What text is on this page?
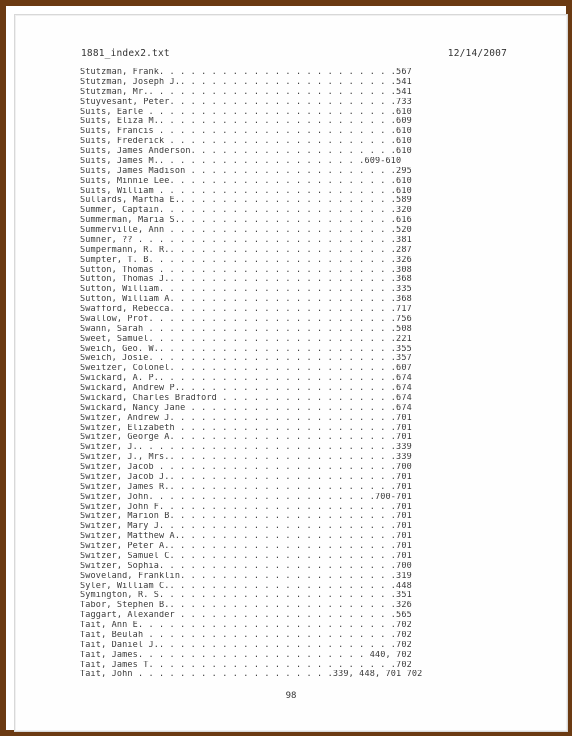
1881_index2.txt	12/14/2007
Stutzman, Frank. . . . . . . . . . . . . . . . . . . . . . .567
Stutzman, Joseph J.. . . . . . . . . . . . . . . . . . . . .541
Stutzman, Mr.. . . . . . . . . . . . . . . . . . . . . . . .541
Stuyvesant, Peter. . . . . . . . . . . . . . . . . . . . . .733
Suits, Earle . . . . . . . . . . . . . . . . . . . . . . . .610
Suits, Eliza M.. . . . . . . . . . . . . . . . . . . . . . .609
Suits, Francis . . . . . . . . . . . . . . . . . . . . . . .610
Suits, Frederick . . . . . . . . . . . . . . . . . . . . . .610
Suits, James Anderson. . . . . . . . . . . . . . . . . . . .610
Suits, James M.. . . . . . . . . . . . . . . . . . . .609-610
Suits, James Madison . . . . . . . . . . . . . . . . . . . .295
Suits, Minnie Lee. . . . . . . . . . . . . . . . . . . . . .610
Suits, William . . . . . . . . . . . . . . . . . . . . . . .610
Sullards, Martha E.. . . . . . . . . . . . . . . . . . . . .589
Summer, Captain. . . . . . . . . . . . . . . . . . . . . . .320
Summerman, Maria S.. . . . . . . . . . . . . . . . . . . . .616
Summerville, Ann . . . . . . . . . . . . . . . . . . . . . .520
Sumner, ?? . . . . . . . . . . . . . . . . . . . . . . . . .381
Sumpermann, R. R.. . . . . . . . . . . . . . . . . . . . . .287
Sumpter, T. B. . . . . . . . . . . . . . . . . . . . . . . .326
Sutton, Thomas . . . . . . . . . . . . . . . . . . . . . . .308
Sutton, Thomas J.. . . . . . . . . . . . . . . . . . . . . .368
Sutton, William. . . . . . . . . . . . . . . . . . . . . . .335
Sutton, William A. . . . . . . . . . . . . . . . . . . . . .368
Swafford, Rebecca. . . . . . . . . . . . . . . . . . . . . .717
Swallow, Prof. . . . . . . . . . . . . . . . . . . . . . . .756
Swann, Sarah . . . . . . . . . . . . . . . . . . . . . . . .508
Sweet, Samuel. . . . . . . . . . . . . . . . . . . . . . . .221
Sweich, Geo. W.. . . . . . . . . . . . . . . . . . . . . . .355
Sweich, Josie. . . . . . . . . . . . . . . . . . . . . . . .357
Sweitzer, Colonel. . . . . . . . . . . . . . . . . . . . . .607
Swickard, A. P.. . . . . . . . . . . . . . . . . . . . . . .674
Swickard, Andrew P.. . . . . . . . . . . . . . . . . . . . .674
Swickard, Charles Bradford . . . . . . . . . . . . . . . . .674
Swickard, Nancy Jane . . . . . . . . . . . . . . . . . . . .674
Switzer, Andrew J. . . . . . . . . . . . . . . . . . . . . .701
Switzer, Elizabeth . . . . . . . . . . . . . . . . . . . . .701
Switzer, George A. . . . . . . . . . . . . . . . . . . . . .701
Switzer, J.. . . . . . . . . . . . . . . . . . . . . . . . .339
Switzer, J., Mrs.. . . . . . . . . . . . . . . . . . . . . .339
Switzer, Jacob . . . . . . . . . . . . . . . . . . . . . . .700
Switzer, Jacob J.. . . . . . . . . . . . . . . . . . . . . .701
Switzer, James R.. . . . . . . . . . . . . . . . . . . . . .701
Switzer, John. . . . . . . . . . . . . . . . . . . . . .700-701
Switzer, John F. . . . . . . . . . . . . . . . . . . . . . .701
Switzer, Marion B. . . . . . . . . . . . . . . . . . . . . .701
Switzer, Mary J. . . . . . . . . . . . . . . . . . . . . . .701
Switzer, Matthew A.. . . . . . . . . . . . . . . . . . . . .701
Switzer, Peter A.. . . . . . . . . . . . . . . . . . . . . .701
Switzer, Samuel C. . . . . . . . . . . . . . . . . . . . . .701
Switzer, Sophia. . . . . . . . . . . . . . . . . . . . . . .700
Swoveland, Franklin. . . . . . . . . . . . . . . . . . . . .319
Syler, William C.. . . . . . . . . . . . . . . . . . . . . .448
Symington, R. S. . . . . . . . . . . . . . . . . . . . . . .351
Tabor, Stephen B.. . . . . . . . . . . . . . . . . . . . . .326
Taggart, Alexander . . . . . . . . . . . . . . . . . . . . .565
Tait, Ann E. . . . . . . . . . . . . . . . . . . . . . . . .702
Tait, Beulah . . . . . . . . . . . . . . . . . . . . . . . .702
Tait, Daniel J.. . . . . . . . . . . . . . . . . . . . . . .702
Tait, James. . . . . . . . . . . . . . . . . . . . . . 440, 702
Tait, James T. . . . . . . . . . . . . . . . . . . . . . . .702
Tait, John . . . . . . . . . . . . . . . . . . .339, 448, 701 702
98
